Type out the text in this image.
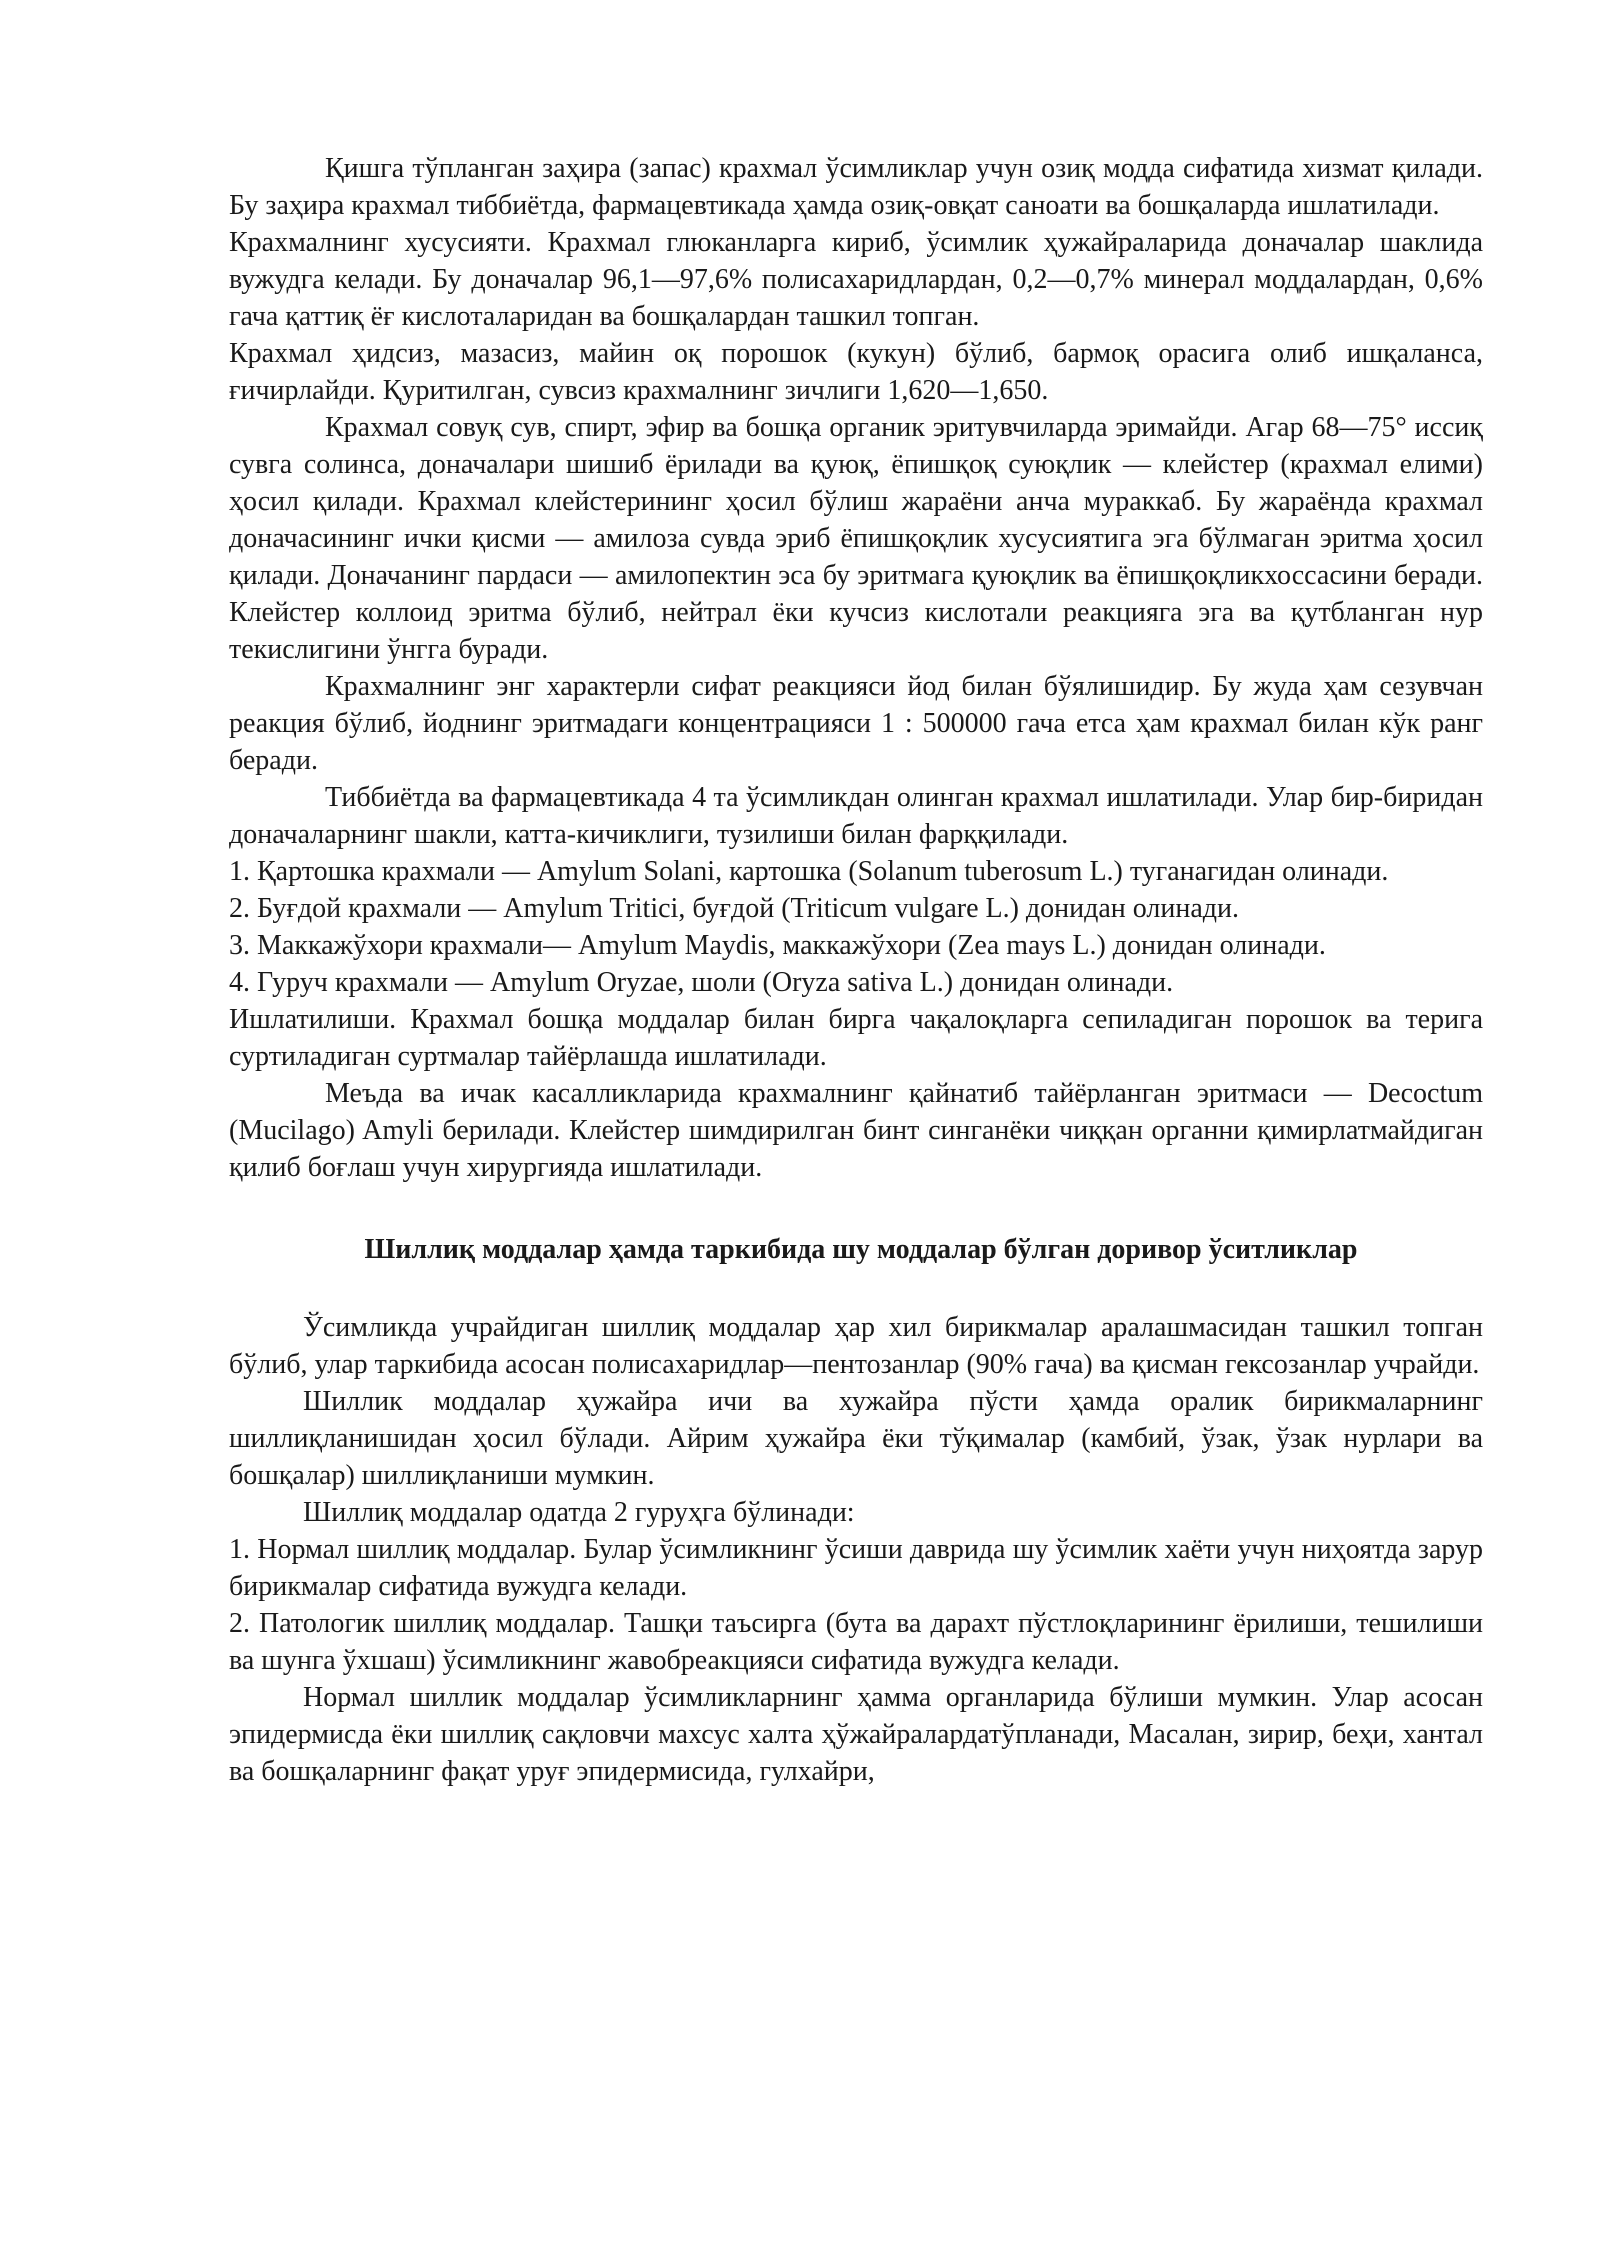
Қишга тўпланган заҳира (запас) крахмал ўсимликлар учун озиқ модда сифатида хизмат қилади. Бу заҳира крахмал тиббиётда, фармацевтикада ҳамда озиқ-овқат саноати ва бошқаларда ишлатилади.

Крахмалнинг хусусияти. Крахмал глюканларга кириб, ўсимлик ҳужайраларида доначалар шаклида вужудга келади. Бу доначалар 96,1—97,6% полисахаридлардан, 0,2—0,7% минерал моддалардан, 0,6% гача қаттиқ ёғ кислоталаридан ва бошқалардан ташкил топган.

Крахмал ҳидсиз, мазасиз, майин оқ порошок (кукун) бўлиб, бармоқ орасига олиб ишқаланса, ғичирлайди. Қуритилган, сувсиз крахмалнинг зичлиги 1,620—1,650.

Крахмал совуқ сув, спирт, эфир ва бошқа органик эритувчиларда эримайди. Агар 68—75° иссиқ сувга солинса, доначалари шишиб ёрилади ва қуюқ, ёпишқоқ суюқлик — клейстер (крахмал елими) ҳосил қилади. Крахмал клейстерининг ҳосил бўлиш жараёни анча мураккаб. Бу жараёнда крахмал доначасининг ички қисми — амилоза сувда эриб ёпишқоқлик хусусиятига эга бўлмаган эритма ҳосил қилади. Доначанинг пардаси — амилопектин эса бу эритмага қуюқлик ва ёпишқоқликхоссасини беради. Клейстер коллоид эритма бўлиб, нейтрал ёки кучсиз кислотали реакцияга эга ва қутбланган нур текислигини ўнгга буради.

Крахмалнинг энг характерли сифат реакцияси йод билан бўялишидир. Бу жуда ҳам сезувчан реакция бўлиб, йоднинг эритмадаги концентрацияси 1 : 500000 гача етса ҳам крахмал билан кўк ранг беради.

Тиббиётда ва фармацевтикада 4 та ўсимликдан олинган крахмал ишлатилади. Улар бир-биридан доначаларнинг шакли, катта-кичиклиги, тузилиши билан фарққилади.

1. Қартошка крахмали — Amylum Solani, картошка (Solanum tuberosum L.) туганагидан олинади.

2. Буғдой крахмали — Amylum Tritici, буғдой (Triticum vulgare L.) донидан олинади.

3. Маккажўхори крахмали— Amylum Maydis, маккажўхори (Zea mays L.) донидан олинади.

4. Гуруч крахмали — Amylum Oryzae, шоли (Oryza sativa L.) донидан олинади.

Ишлатилиши. Крахмал бошқа моддалар билан бирга чақалоқларга сепиладиган порошок ва терига суртиладиган суртмалар тайёрлашда ишлатилади.

Меъда ва ичак касалликларида крахмалнинг қайнатиб тайёрланган эритмаси — Decoctum (Mucilago) Amyli берилади. Клейстер шимдирилган бинт синганёки чиққан органни қимирлатмайдиган қилиб боғлаш учун хирургияда ишлатилади.

Шиллиқ моддалар ҳамда таркибида шу моддалар бўлган доривор ўситликлар

Ўсимликда учрайдиган шиллиқ моддалар ҳар хил бирикмалар аралашмасидан ташкил топган бўлиб, улар таркибида асосан полисахаридлар—пентозанлар (90% гача) ва қисман гексозанлар учрайди.

Шиллик моддалар ҳужайра ичи ва хужайра пўсти ҳамда оралик бирикмаларнинг шиллиқланишидан ҳосил бўлади. Айрим ҳужайра ёки тўқималар (камбий, ўзак, ўзак нурлари ва бошқалар) шиллиқланиши мумкин.

Шиллиқ моддалар одатда 2 гуруҳга бўлинади:

1. Нормал шиллиқ моддалар. Булар ўсимликнинг ўсиши даврида шу ўсимлик хаёти учун ниҳоятда зарур бирикмалар сифатида вужудга келади.

2. Патологик шиллиқ моддалар. Ташқи таъсирга (бута ва дарахт пўстлоқларининг ёрилиши, тешилиши ва шунга ўхшаш) ўсимликнинг жавобреакцияси сифатида вужудга келади.

Нормал шиллик моддалар ўсимликларнинг ҳамма органларида бўлиши мумкин. Улар асосан эпидермисда ёки шиллиқ сақловчи махсус халта ҳўжайралардатўпланади, Масалан, зирир, беҳи, хантал ва бошқаларнинг фақат уруғ эпидермисида, гулхайри,
